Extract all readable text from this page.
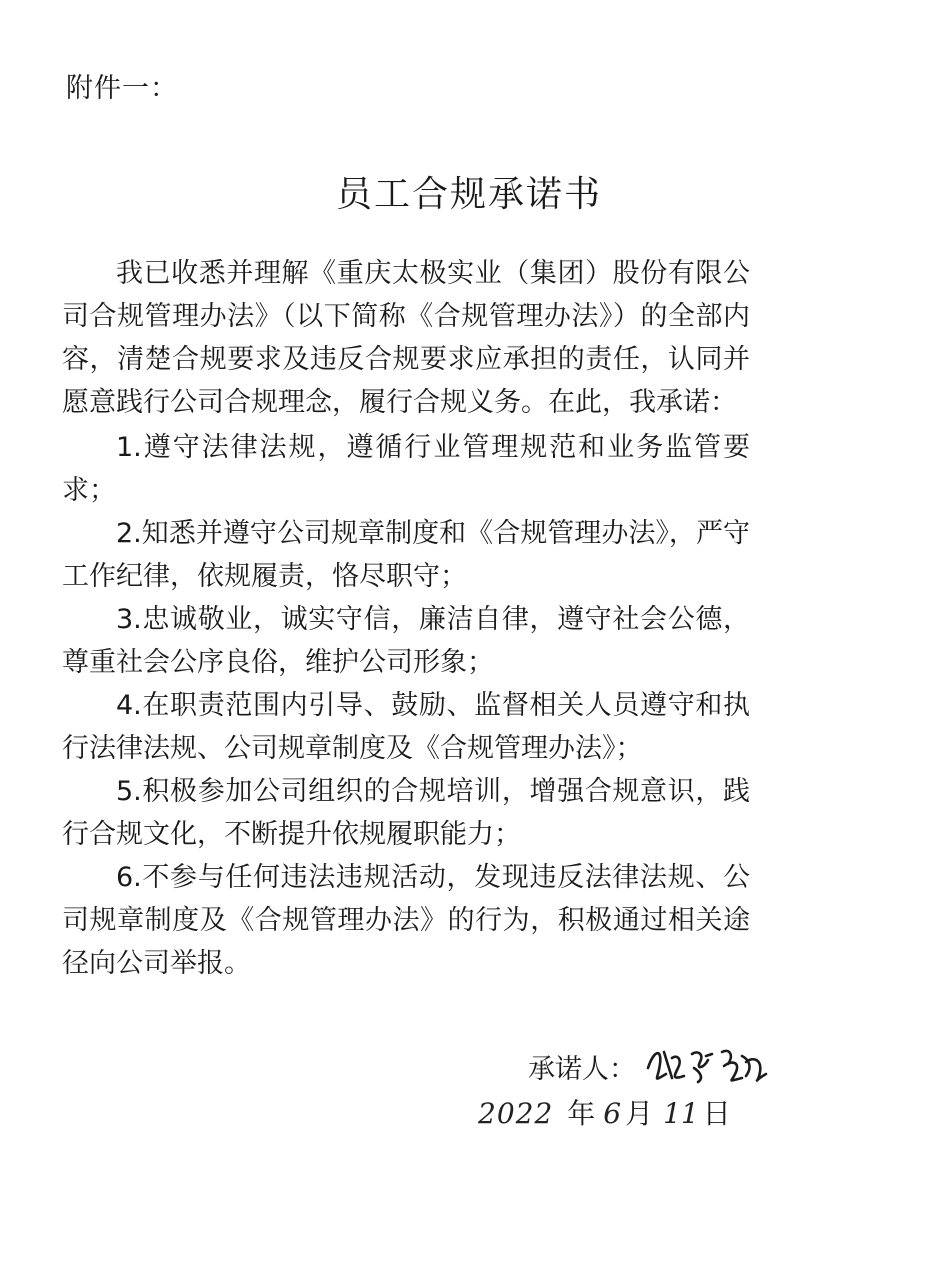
附件一：
员工合规承诺书

我已收悉并理解《重庆太极实业（集团）股份有限公司合规管理办法》（以下简称《合规管理办法》）的全部内容，清楚合规要求及违反合规要求应承担的责任，认同并愿意践行公司合规理念，履行合规义务。在此，我承诺：

1.遵守法律法规，遵循行业管理规范和业务监管要求；

2.知悉并遵守公司规章制度和《合规管理办法》，严守工作纪律，依规履责，恪尽职守；

3.忠诚敬业，诚实守信，廉洁自律，遵守社会公德，尊重社会公序良俗，维护公司形象；

4.在职责范围内引导、鼓励、监督相关人员遵守和执行法律法规、公司规章制度及《合规管理办法》；

5.积极参加公司组织的合规培训，增强合规意识，践行合规文化，不断提升依规履职能力；

6.不参与任何违法违规活动，发现违反法律法规、公司规章制度及《合规管理办法》的行为，积极通过相关途径向公司举报。

承诺人：
2022 年 6 月 11 日
